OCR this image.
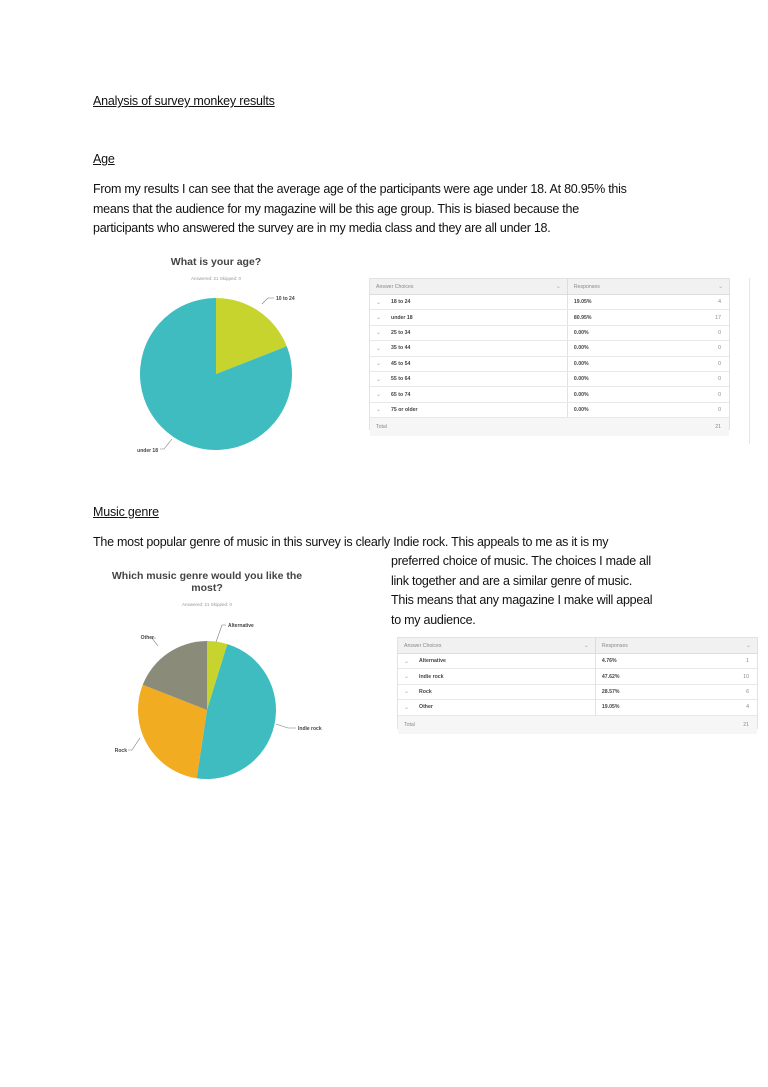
Analysis of survey monkey results
Age
From my results I can see that the average age of the participants were age under 18. At 80.95% this
means that the audience for my magazine will be this age group. This is biased because the
participants who answered the survey are in my media class and they are all under 18.
What is your age?
Answered: 21 Skipped: 0
10 to 24
under 18
Answer Choices	⌄	Responses	⌄
⌄ 18 to 24	19.05%	4
⌄ under 18	80.95%	17
⌄ 25 to 34	0.00%	0
⌄ 35 to 44	0.00%	0
⌄ 45 to 54	0.00%	0
⌄ 55 to 64	0.00%	0
⌄ 65 to 74	0.00%	0
⌄ 75 or older	0.00%	0
Total	21
Music genre
The most popular genre of music in this survey is clearly Indie rock. This appeals to me as it is my
preferred choice of music. The choices I made all
link together and are a similar genre of music.
This means that any magazine I make will appeal
to my audience.
Which music genre would you like the
most?
Answered: 21 Skipped: 0
Alternative
Indie rock
Rock
Other
Answer Choices	⌄	Responses	⌄
⌄ Alternative	4.76%	1
⌄ Indie rock	47.62%	10
⌄ Rock	28.57%	6
⌄ Other	19.05%	4
Total	21
